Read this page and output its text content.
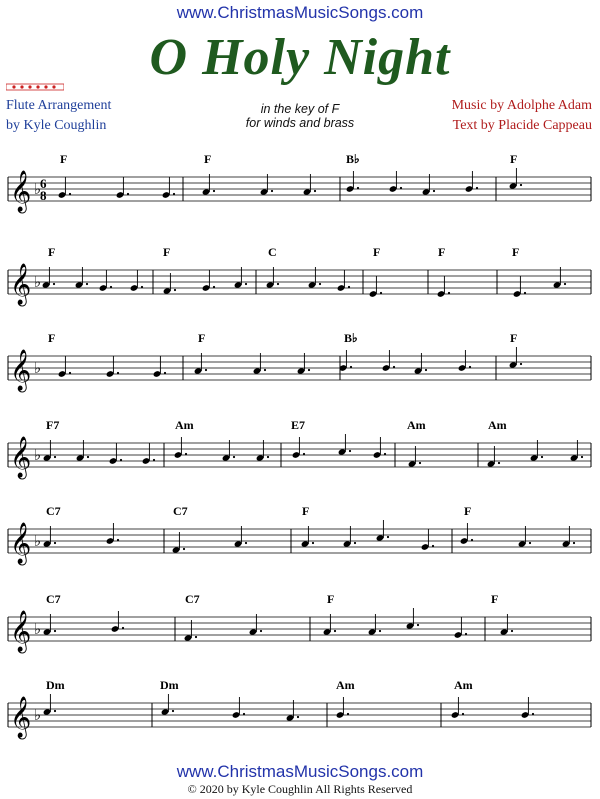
www.ChristmasMusicSongs.com
O Holy Night
Flute Arrangement
by Kyle Coughlin
in the key of F
for winds and brass
Music by Adolphe Adam
Text by Placide Cappeau
𝄞 ♭
6
8
F	F	B♭	F
𝄞 ♭
F	F	C	F	F	F
𝄞 ♭
F	F	B♭	F
𝄞 ♭
F7	Am	E7	Am	Am
𝄞 ♭
C7	C7	F	F
𝄞 ♭
C7	C7	F	F
𝄞 ♭
Dm	Dm	Am	Am
www.ChristmasMusicSongs.com
© 2020 by Kyle Coughlin All Rights Reserved
